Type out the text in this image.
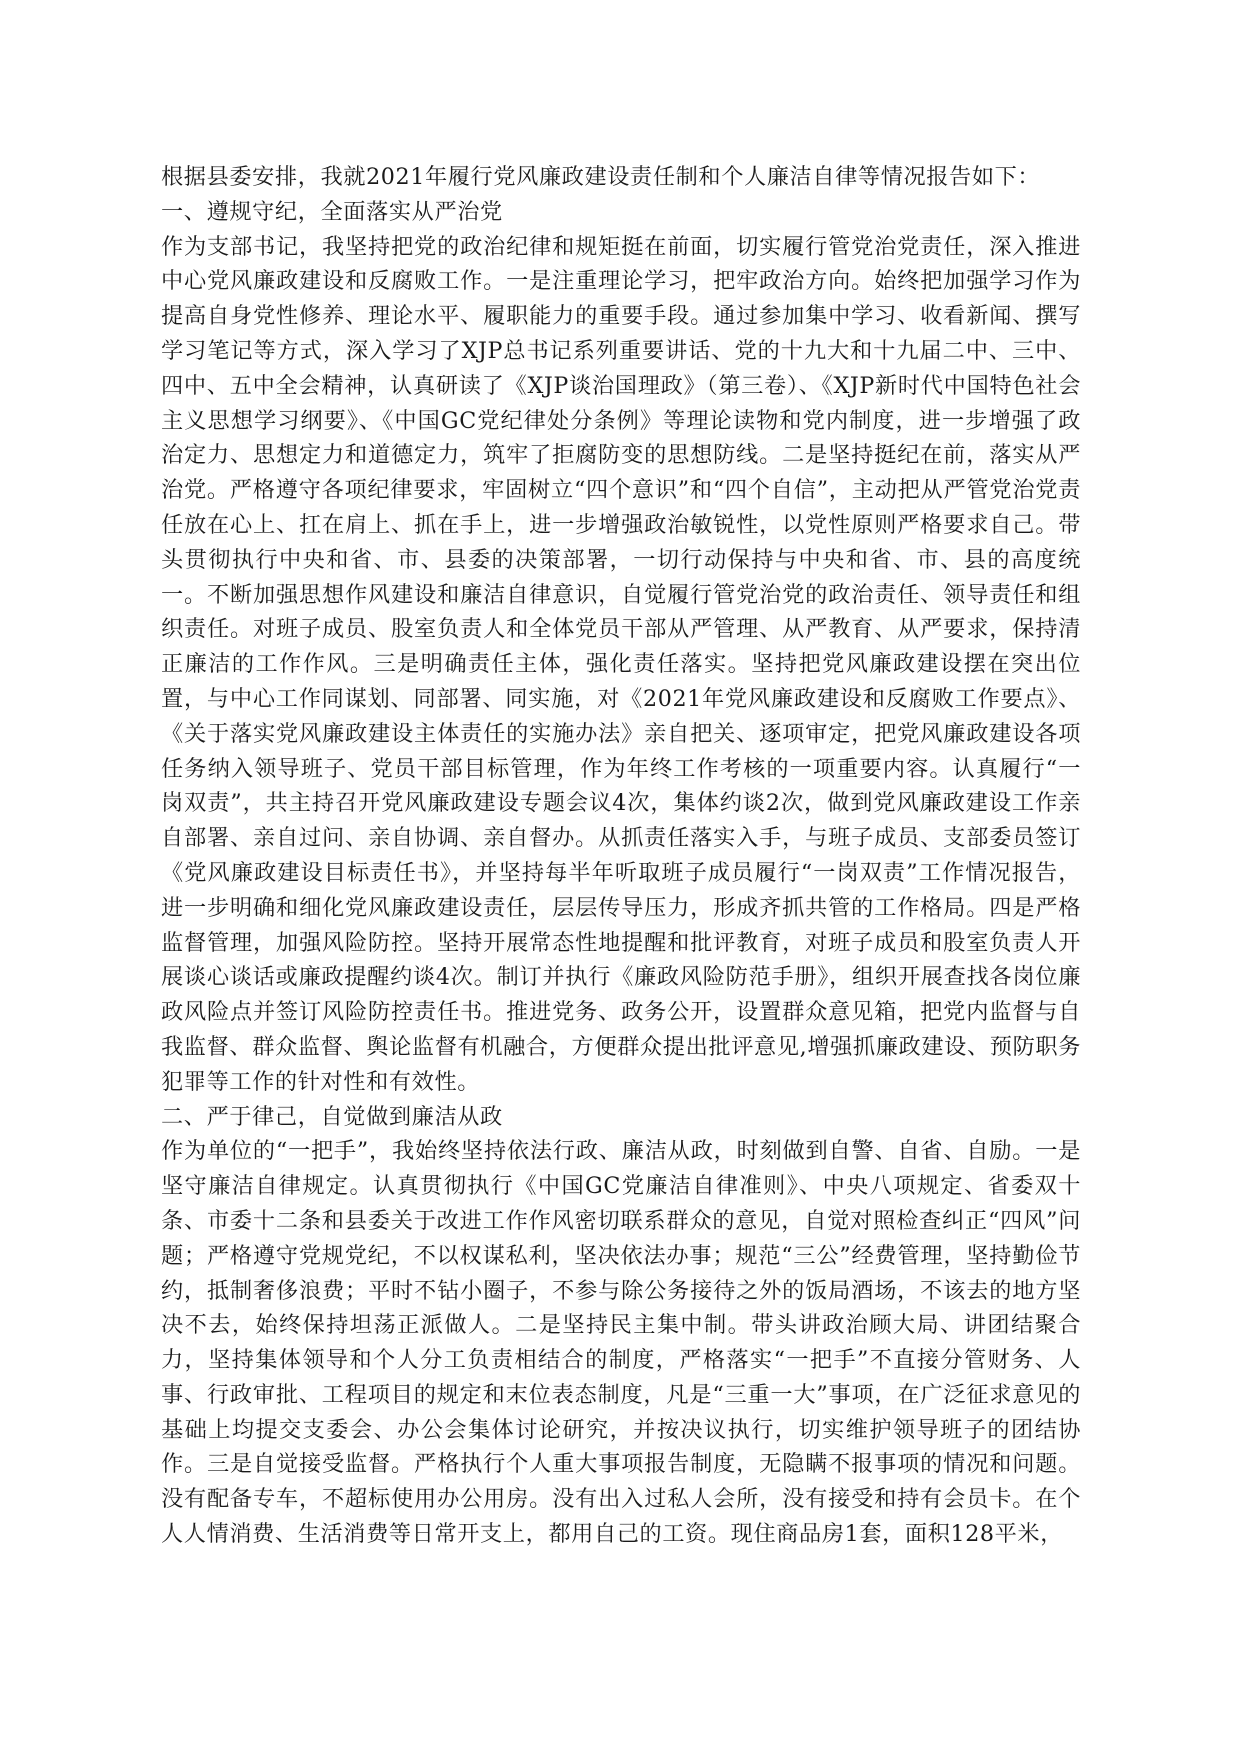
根据县委安排，我就2021年履行党风廉政建设责任制和个人廉洁自律等情况报告如下：

一、遵规守纪，全面落实从严治党

作为支部书记，我坚持把党的政治纪律和规矩挺在前面，切实履行管党治党责任，深入推进中心党风廉政建设和反腐败工作。一是注重理论学习，把牢政治方向。始终把加强学习作为提高自身党性修养、理论水平、履职能力的重要手段。通过参加集中学习、收看新闻、撰写学习笔记等方式，深入学习了XJP总书记系列重要讲话、党的十九大和十九届二中、三中、四中、五中全会精神，认真研读了《XJP谈治国理政》（第三卷）、《XJP新时代中国特色社会主义思想学习纲要》、《中国GC党纪律处分条例》等理论读物和党内制度，进一步增强了政治定力、思想定力和道德定力，筑牢了拒腐防变的思想防线。二是坚持挺纪在前，落实从严治党。严格遵守各项纪律要求，牢固树立“四个意识”和“四个自信”，主动把从严管党治党责任放在心上、扛在肩上、抓在手上，进一步增强政治敏锐性，以党性原则严格要求自己。带头贯彻执行中央和省、市、县委的决策部署，一切行动保持与中央和省、市、县的高度统一。不断加强思想作风建设和廉洁自律意识，自觉履行管党治党的政治责任、领导责任和组织责任。对班子成员、股室负责人和全体党员干部从严管理、从严教育、从严要求，保持清正廉洁的工作作风。三是明确责任主体，强化责任落实。坚持把党风廉政建设摆在突出位置，与中心工作同谋划、同部署、同实施，对《2021年党风廉政建设和反腐败工作要点》、《关于落实党风廉政建设主体责任的实施办法》亲自把关、逐项审定，把党风廉政建设各项任务纳入领导班子、党员干部目标管理，作为年终工作考核的一项重要内容。认真履行“一岗双责”，共主持召开党风廉政建设专题会议4次，集体约谈2次，做到党风廉政建设工作亲自部署、亲自过问、亲自协调、亲自督办。从抓责任落实入手，与班子成员、支部委员签订《党风廉政建设目标责任书》，并坚持每半年听取班子成员履行“一岗双责”工作情况报告，进一步明确和细化党风廉政建设责任，层层传导压力，形成齐抓共管的工作格局。四是严格监督管理，加强风险防控。坚持开展常态性地提醒和批评教育，对班子成员和股室负责人开展谈心谈话或廉政提醒约谈4次。制订并执行《廉政风险防范手册》，组织开展查找各岗位廉政风险点并签订风险防控责任书。推进党务、政务公开，设置群众意见箱，把党内监督与自我监督、群众监督、舆论监督有机融合，方便群众提出批评意见,增强抓廉政建设、预防职务犯罪等工作的针对性和有效性。

二、严于律己，自觉做到廉洁从政

作为单位的“一把手”，我始终坚持依法行政、廉洁从政，时刻做到自警、自省、自励。一是坚守廉洁自律规定。认真贯彻执行《中国GC党廉洁自律准则》、中央八项规定、省委双十条、市委十二条和县委关于改进工作作风密切联系群众的意见，自觉对照检查纠正“四风”问题；严格遵守党规党纪，不以权谋私利，坚决依法办事；规范“三公”经费管理，坚持勤俭节约，抵制奢侈浪费；平时不钻小圈子，不参与除公务接待之外的饭局酒场，不该去的地方坚决不去，始终保持坦荡正派做人。二是坚持民主集中制。带头讲政治顾大局、讲团结聚合力，坚持集体领导和个人分工负责相结合的制度，严格落实“一把手”不直接分管财务、人事、行政审批、工程项目的规定和末位表态制度，凡是“三重一大”事项，在广泛征求意见的基础上均提交支委会、办公会集体讨论研究，并按决议执行，切实维护领导班子的团结协作。三是自觉接受监督。严格执行个人重大事项报告制度，无隐瞒不报事项的情况和问题。没有配备专车，不超标使用办公用房。没有出入过私人会所，没有接受和持有会员卡。在个人人情消费、生活消费等日常开支上，都用自己的工资。现住商品房1套，面积128平米，
